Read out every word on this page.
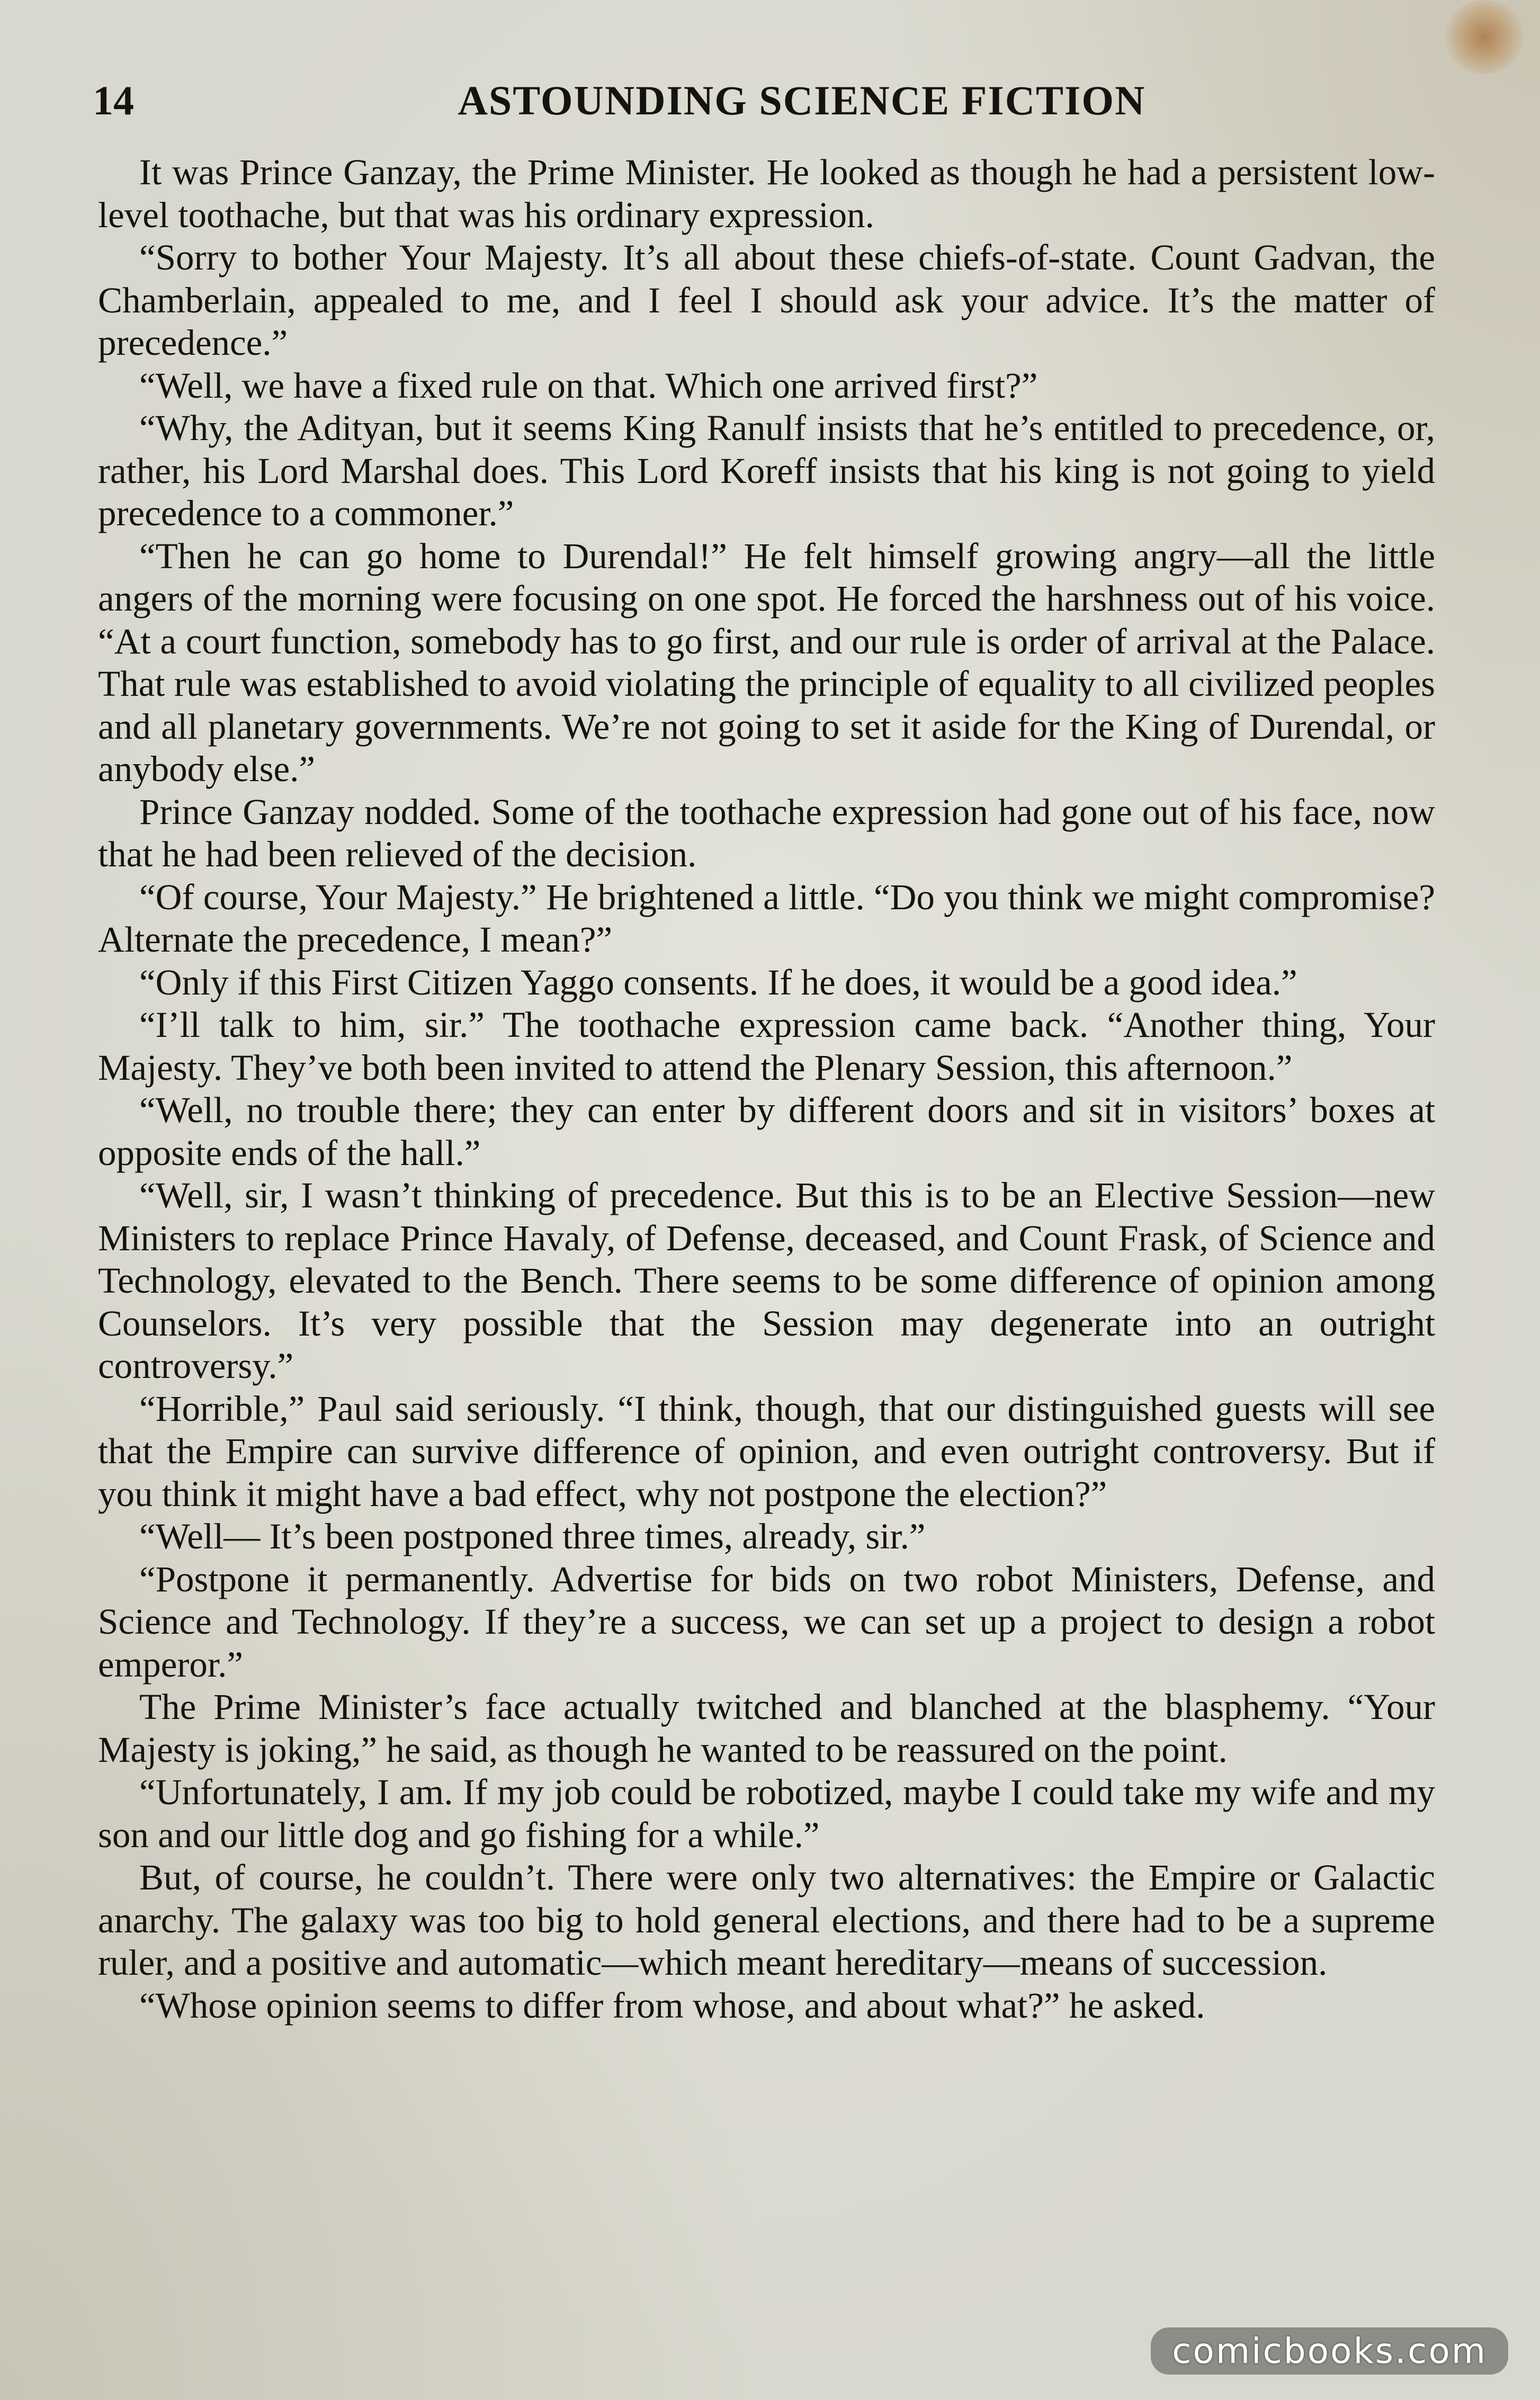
14	ASTOUNDING SCIENCE FICTION

It was Prince Ganzay, the Prime Minister. He looked as though he had a persistent low-level toothache, but that was his ordinary expression.

“Sorry to bother Your Majesty. It’s all about these chiefs-of-state. Count Gadvan, the Chamberlain, appealed to me, and I feel I should ask your advice. It’s the matter of precedence.”

“Well, we have a fixed rule on that. Which one arrived first?”

“Why, the Adityan, but it seems King Ranulf insists that he’s entitled to precedence, or, rather, his Lord Marshal does. This Lord Koreff insists that his king is not going to yield precedence to a commoner.”

“Then he can go home to Durendal!” He felt himself growing angry—all the little angers of the morning were focusing on one spot. He forced the harshness out of his voice. “At a court function, somebody has to go first, and our rule is order of arrival at the Palace. That rule was established to avoid violating the principle of equality to all civilized peoples and all planetary governments. We’re not going to set it aside for the King of Durendal, or anybody else.”

Prince Ganzay nodded. Some of the toothache expression had gone out of his face, now that he had been relieved of the decision.

“Of course, Your Majesty.” He brightened a little. “Do you think we might compromise? Alternate the precedence, I mean?”

“Only if this First Citizen Yaggo consents. If he does, it would be a good idea.”

“I’ll talk to him, sir.” The toothache expression came back. “Another thing, Your Majesty. They’ve both been invited to attend the Plenary Session, this afternoon.”

“Well, no trouble there; they can enter by different doors and sit in visitors’ boxes at opposite ends of the hall.”

“Well, sir, I wasn’t thinking of precedence. But this is to be an Elective Session—new Ministers to replace Prince Havaly, of Defense, deceased, and Count Frask, of Science and Technology, elevated to the Bench. There seems to be some difference of opinion among Counselors. It’s very possible that the Session may degenerate into an outright controversy.”

“Horrible,” Paul said seriously. “I think, though, that our distinguished guests will see that the Empire can survive difference of opinion, and even outright controversy. But if you think it might have a bad effect, why not postpone the election?”

“Well— It’s been postponed three times, already, sir.”

“Postpone it permanently. Advertise for bids on two robot Ministers, Defense, and Science and Technology. If they’re a success, we can set up a project to design a robot emperor.”

The Prime Minister’s face actually twitched and blanched at the blasphemy. “Your Majesty is joking,” he said, as though he wanted to be reassured on the point.

“Unfortunately, I am. If my job could be robotized, maybe I could take my wife and my son and our little dog and go fishing for a while.”

But, of course, he couldn’t. There were only two alternatives: the Empire or Galactic anarchy. The galaxy was too big to hold general elections, and there had to be a supreme ruler, and a positive and automatic—which meant hereditary—means of succession.

“Whose opinion seems to differ from whose, and about what?” he asked.

comicbooks.com
